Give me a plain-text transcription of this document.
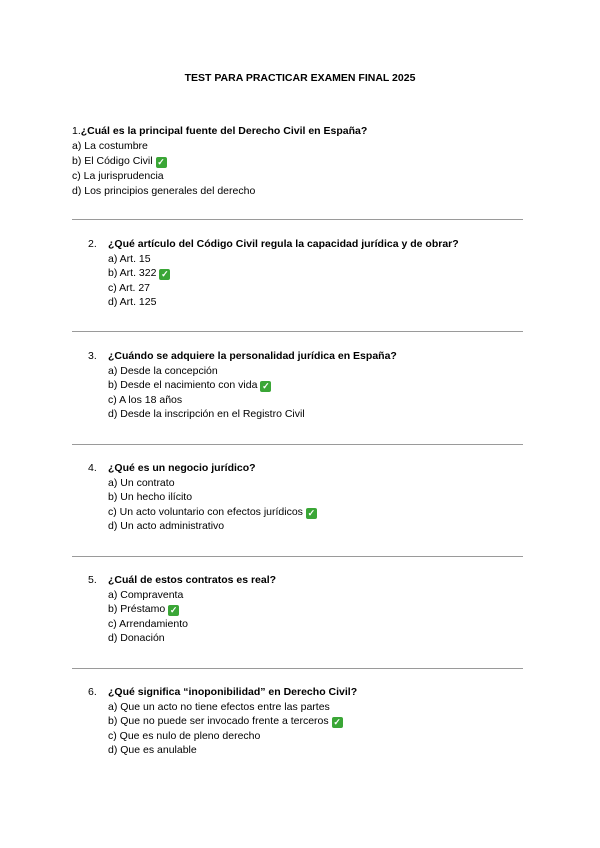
TEST PARA PRACTICAR EXAMEN FINAL 2025
1.¿Cuál es la principal fuente del Derecho Civil en España?
a) La costumbre
b) El Código Civil ✓
c) La jurisprudencia
d) Los principios generales del derecho
2.	¿Qué artículo del Código Civil regula la capacidad jurídica y de obrar?
a) Art. 15
b) Art. 322 ✓
c) Art. 27
d) Art. 125
3.	¿Cuándo se adquiere la personalidad jurídica en España?
a) Desde la concepción
b) Desde el nacimiento con vida ✓
c) A los 18 años
d) Desde la inscripción en el Registro Civil
4.	¿Qué es un negocio jurídico?
a) Un contrato
b) Un hecho ilícito
c) Un acto voluntario con efectos jurídicos ✓
d) Un acto administrativo
5.	¿Cuál de estos contratos es real?
a) Compraventa
b) Préstamo ✓
c) Arrendamiento
d) Donación
6.	¿Qué significa “inoponibilidad” en Derecho Civil?
a) Que un acto no tiene efectos entre las partes
b) Que no puede ser invocado frente a terceros ✓
c) Que es nulo de pleno derecho
d) Que es anulable
